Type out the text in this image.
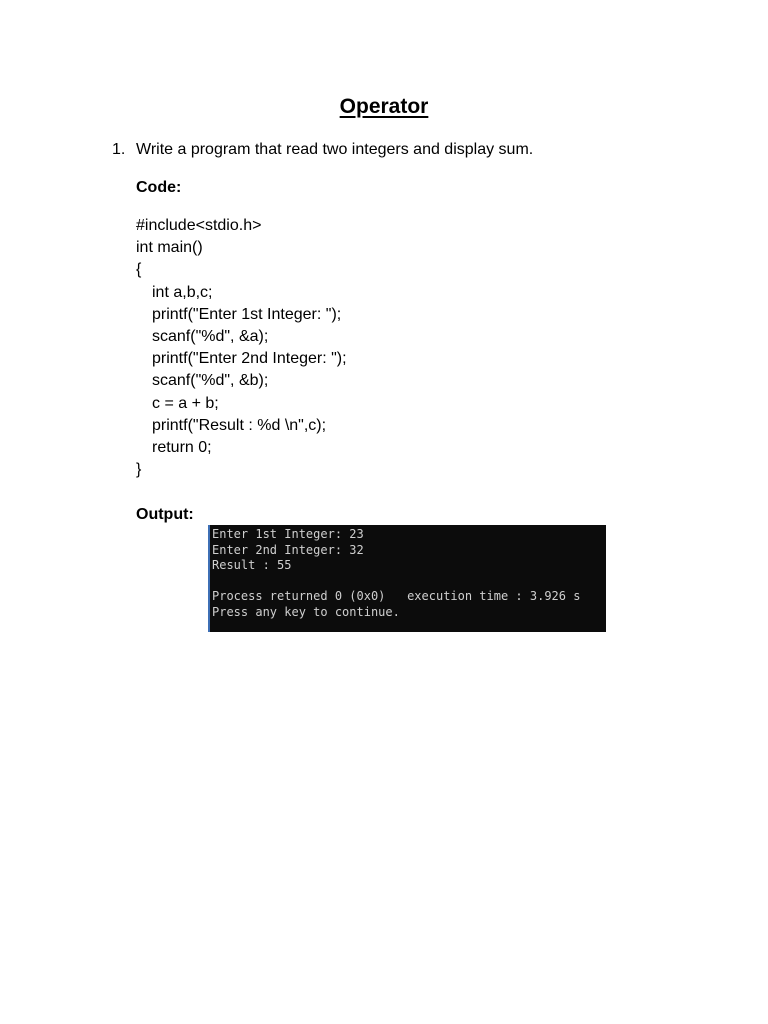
Operator
1. Write a program that read two integers and display sum.
Code:
#include<stdio.h>
int main()
{
int a,b,c;
printf("Enter 1st Integer: ");
scanf("%d", &a);
printf("Enter 2nd Integer: ");
scanf("%d", &b);
c = a + b;
printf("Result : %d \n",c);
return 0;
}
Output:
Enter 1st Integer: 23
Enter 2nd Integer: 32
Result : 55
Process returned 0 (0x0)   execution time : 3.926 s
Press any key to continue.
